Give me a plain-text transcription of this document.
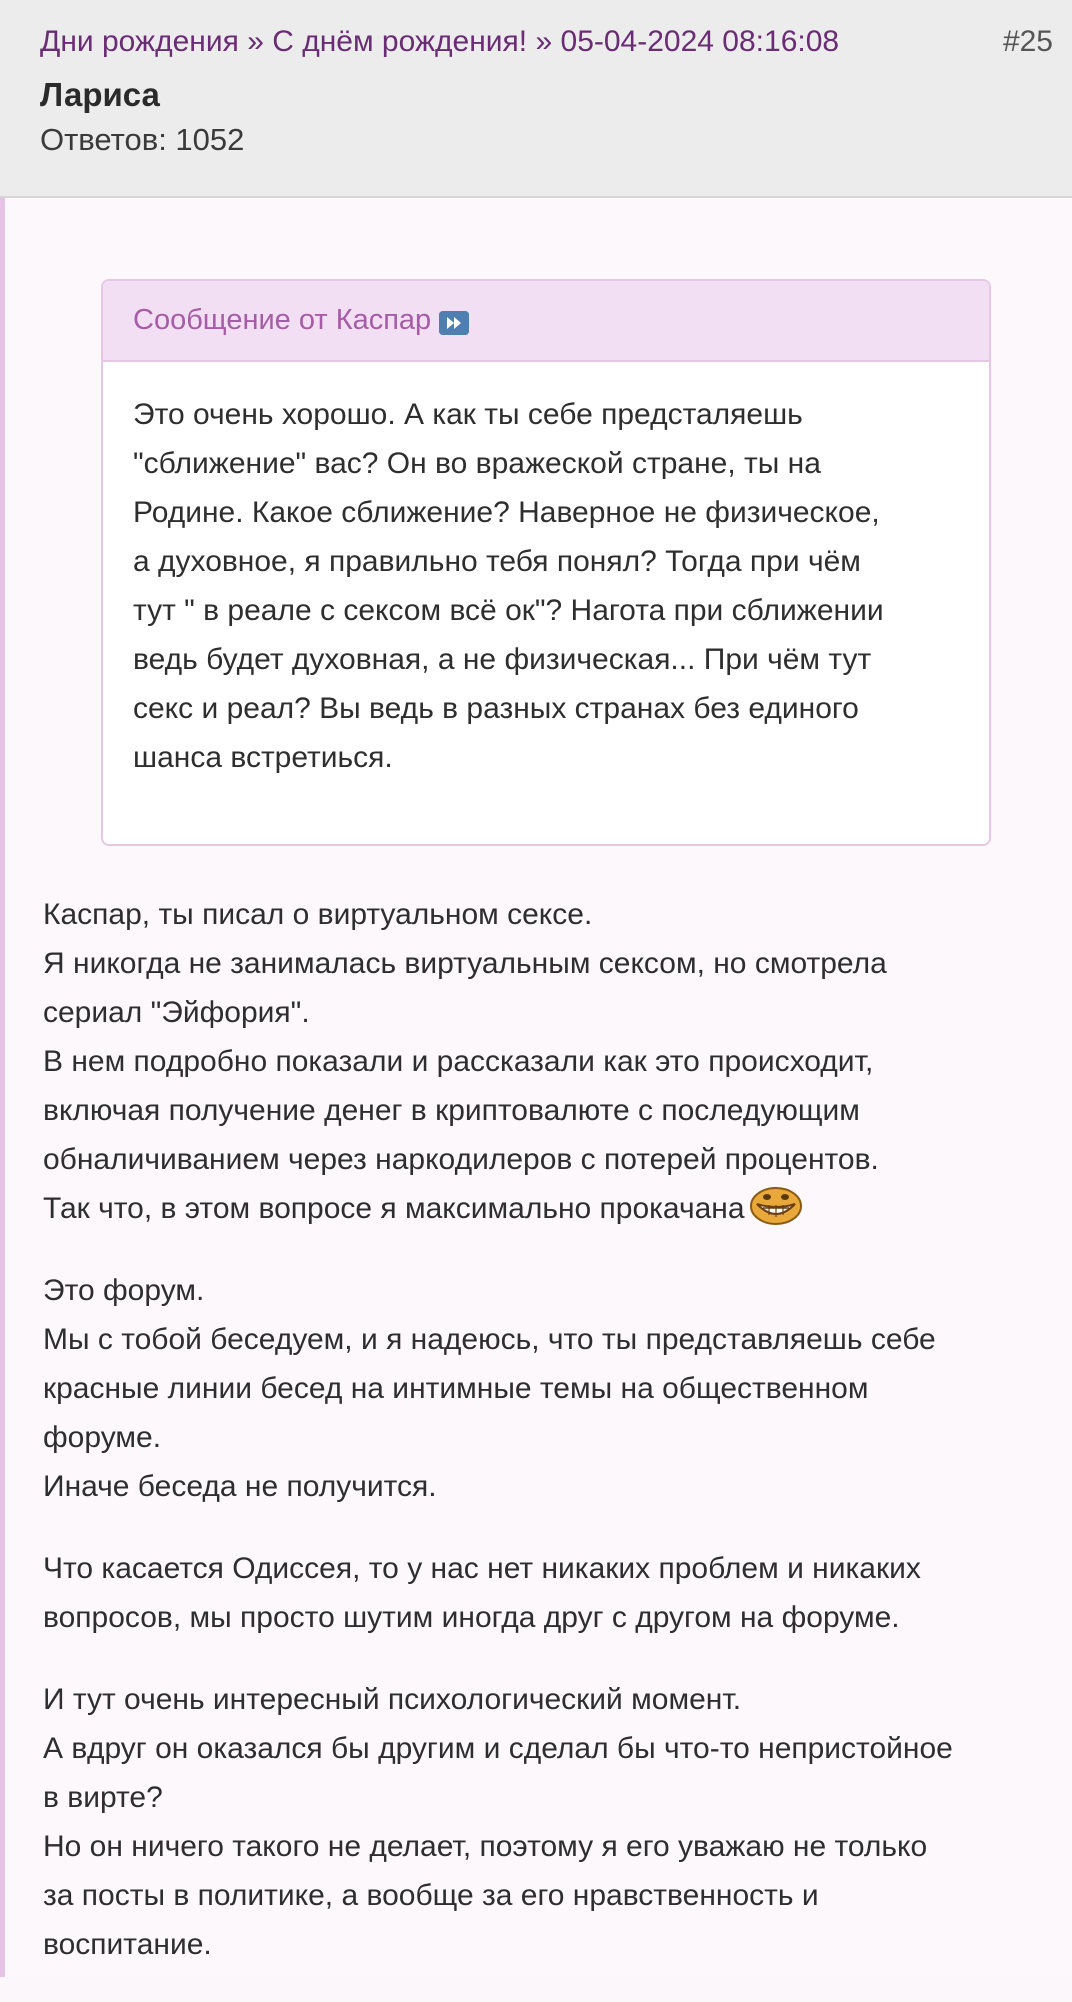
Дни рождения » С днём рождения! » 05-04-2024 08:16:08	#25
Лариса
Ответов: 1052
Сообщение от Каспар
Это очень хорошо. А как ты себе предсталяешь
"сближение" вас? Он во вражеской стране, ты на
Родине. Какое сближение? Наверное не физическое,
а духовное, я правильно тебя понял? Тогда при чём
тут " в реале с сексом всё ок"? Нагота при сближении
ведь будет духовная, а не физическая... При чём тут
секс и реал? Вы ведь в разных странах без единого
шанса встретиься.
Каспар, ты писал о виртуальном сексе.
Я никогда не занималась виртуальным сексом, но смотрела
сериал "Эйфория".
В нем подробно показали и рассказали как это происходит,
включая получение денег в криптовалюте с последующим
обналичиванием через наркодилеров с потерей процентов.
Так что, в этом вопросе я максимально прокачана
Это форум.
Мы с тобой беседуем, и я надеюсь, что ты представляешь себе
красные линии бесед на интимные темы на общественном
форуме.
Иначе беседа не получится.
Что касается Одиссея, то у нас нет никаких проблем и никаких
вопросов, мы просто шутим иногда друг с другом на форуме.
И тут очень интересный психологический момент.
А вдруг он оказался бы другим и сделал бы что-то непристойное
в вирте?
Но он ничего такого не делает, поэтому я его уважаю не только
за посты в политике, а вообще за его нравственность и
воспитание.
